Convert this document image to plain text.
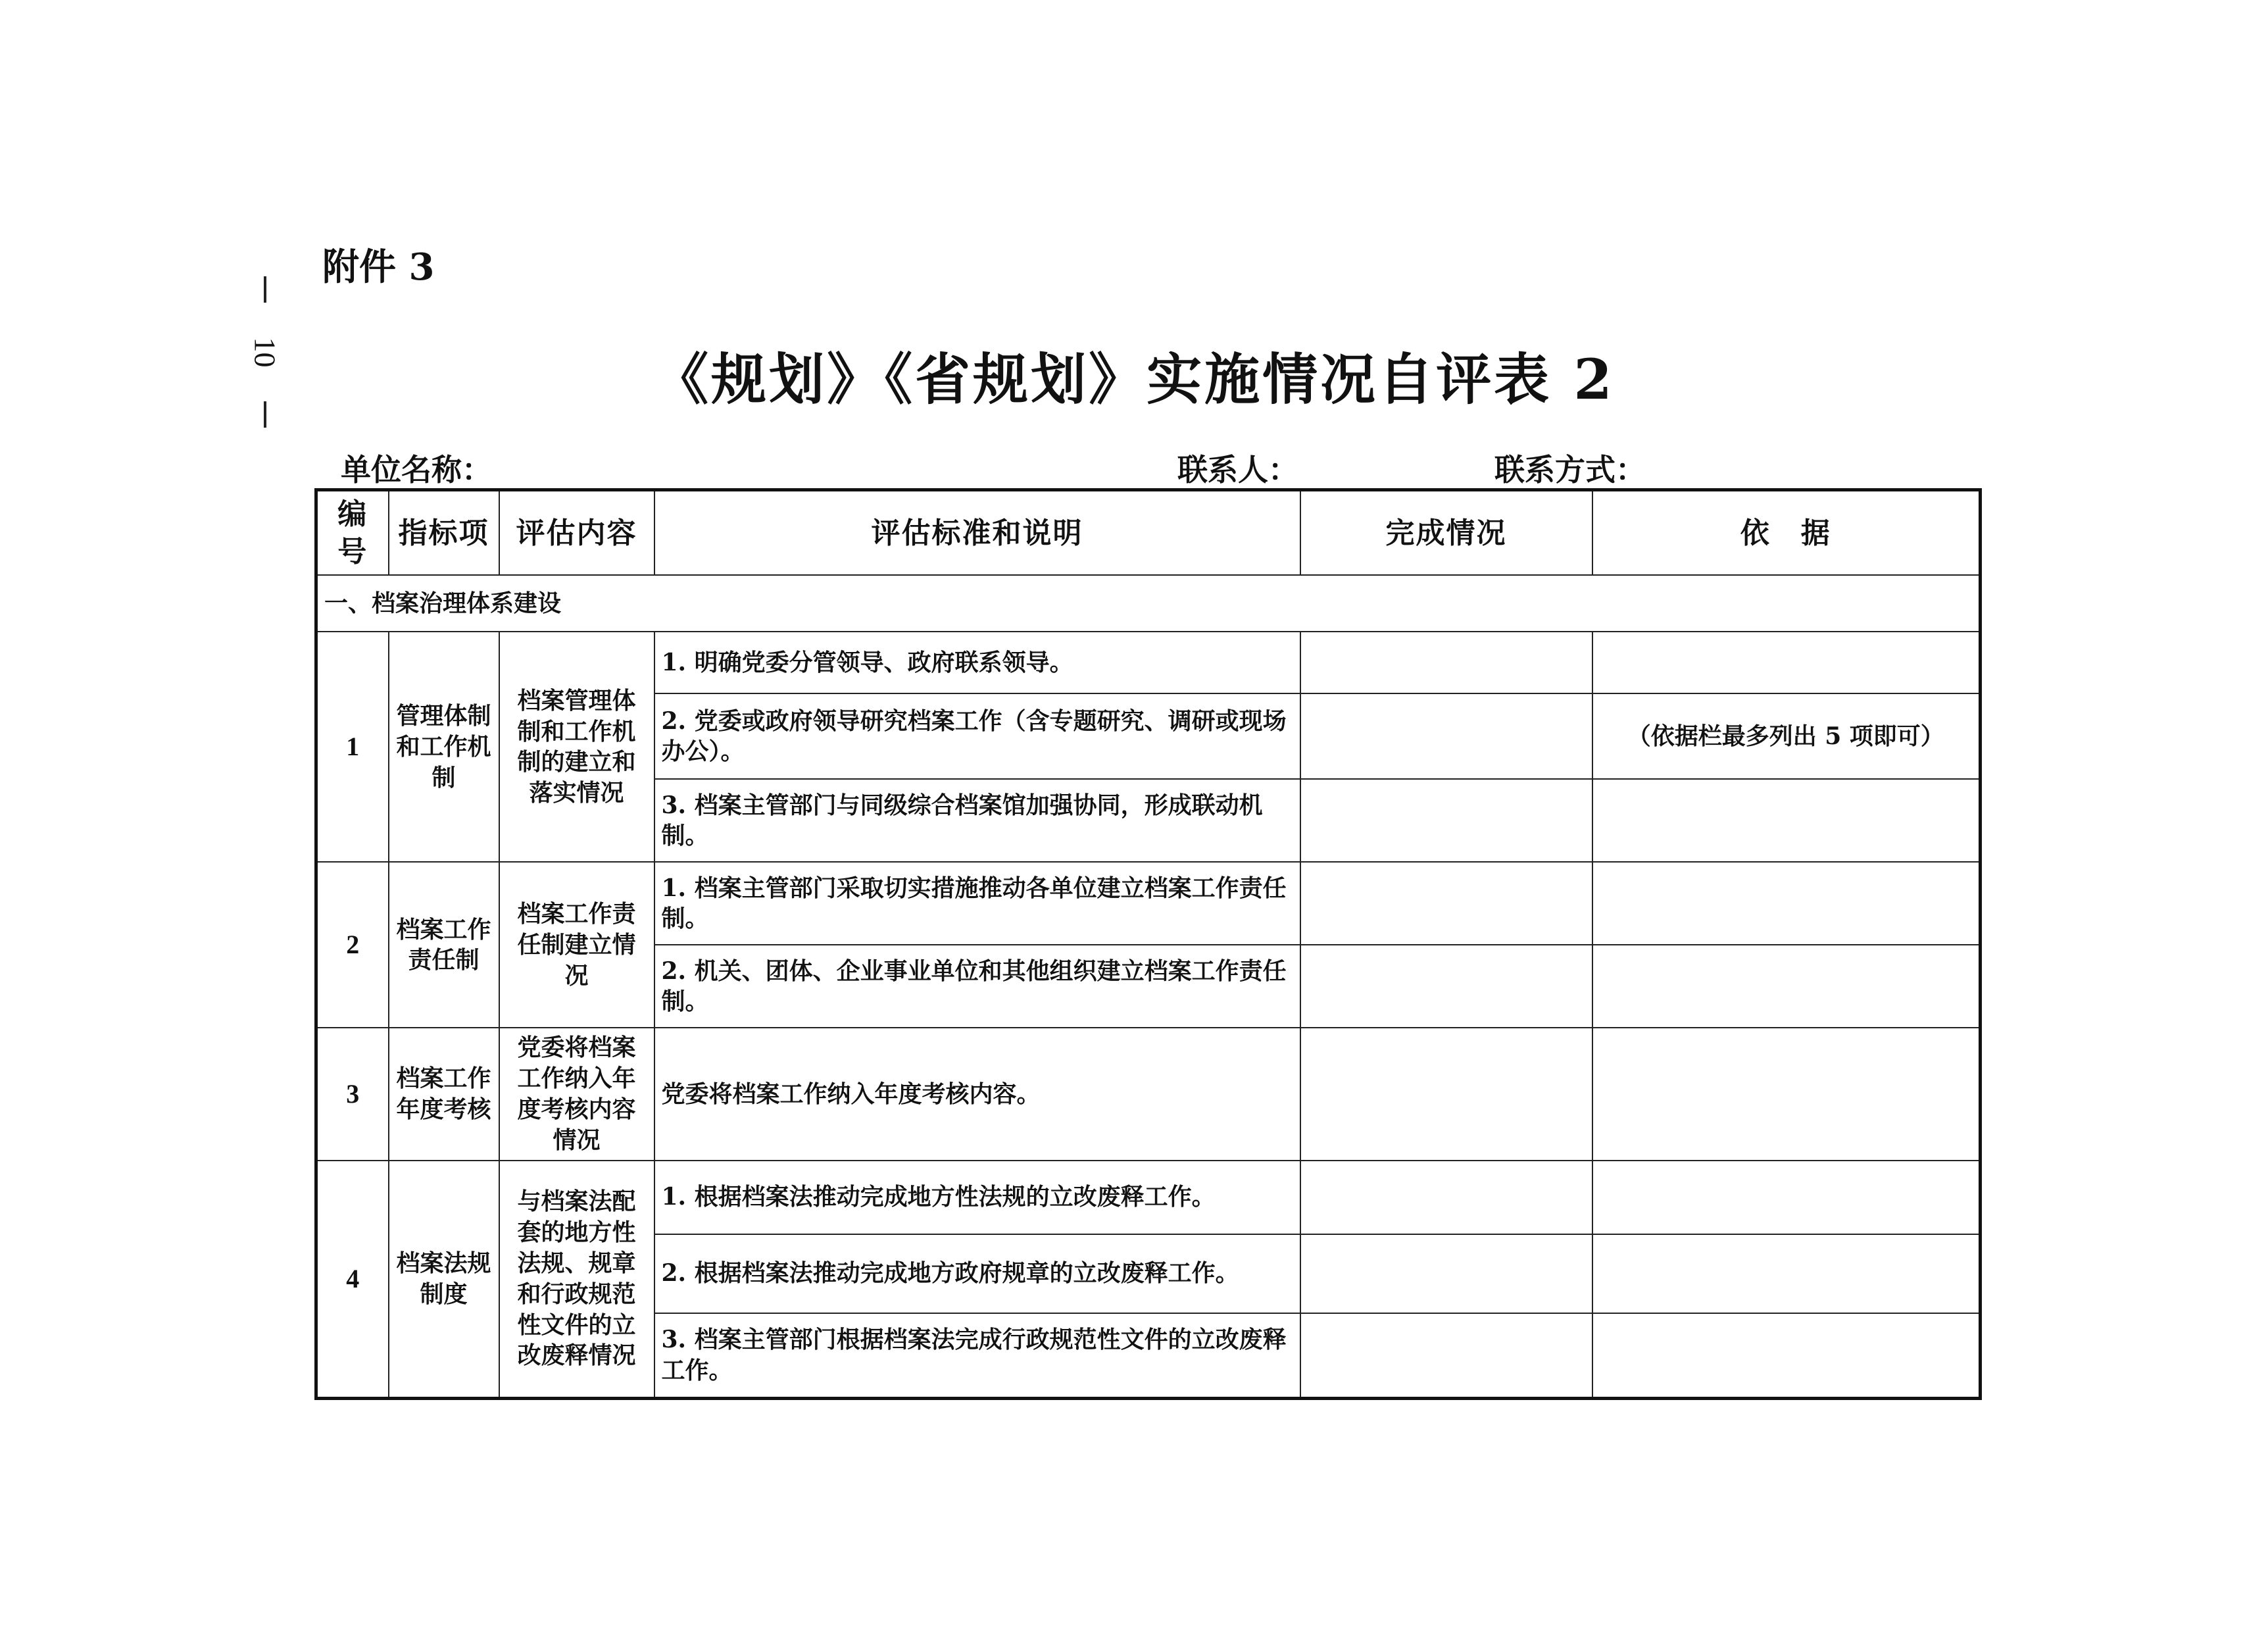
10
附件 3
《规划》《省规划》实施情况自评表 2
单位名称：	联系人：	联系方式：
编号	指标项	评估内容	评估标准和说明	完成情况	依　据
一、档案治理体系建设					
1	管理体制和工作机制	档案管理体制和工作机制的建立和落实情况	1. 明确党委分管领导、政府联系领导。		
			2. 党委或政府领导研究档案工作（含专题研究、调研或现场办公）。		（依据栏最多列出 5 项即可）
			3. 档案主管部门与同级综合档案馆加强协同，形成联动机制。		
2	档案工作责任制	档案工作责任制建立情况	1. 档案主管部门采取切实措施推动各单位建立档案工作责任制。		
			2. 机关、团体、企业事业单位和其他组织建立档案工作责任制。		
3	档案工作年度考核	党委将档案工作纳入年度考核内容情况	党委将档案工作纳入年度考核内容。		
4	档案法规制度	与档案法配套的地方性法规、规章和行政规范性文件的立改废释情况	1. 根据档案法推动完成地方性法规的立改废释工作。		
			2. 根据档案法推动完成地方政府规章的立改废释工作。		
			3. 档案主管部门根据档案法完成行政规范性文件的立改废释工作。		
